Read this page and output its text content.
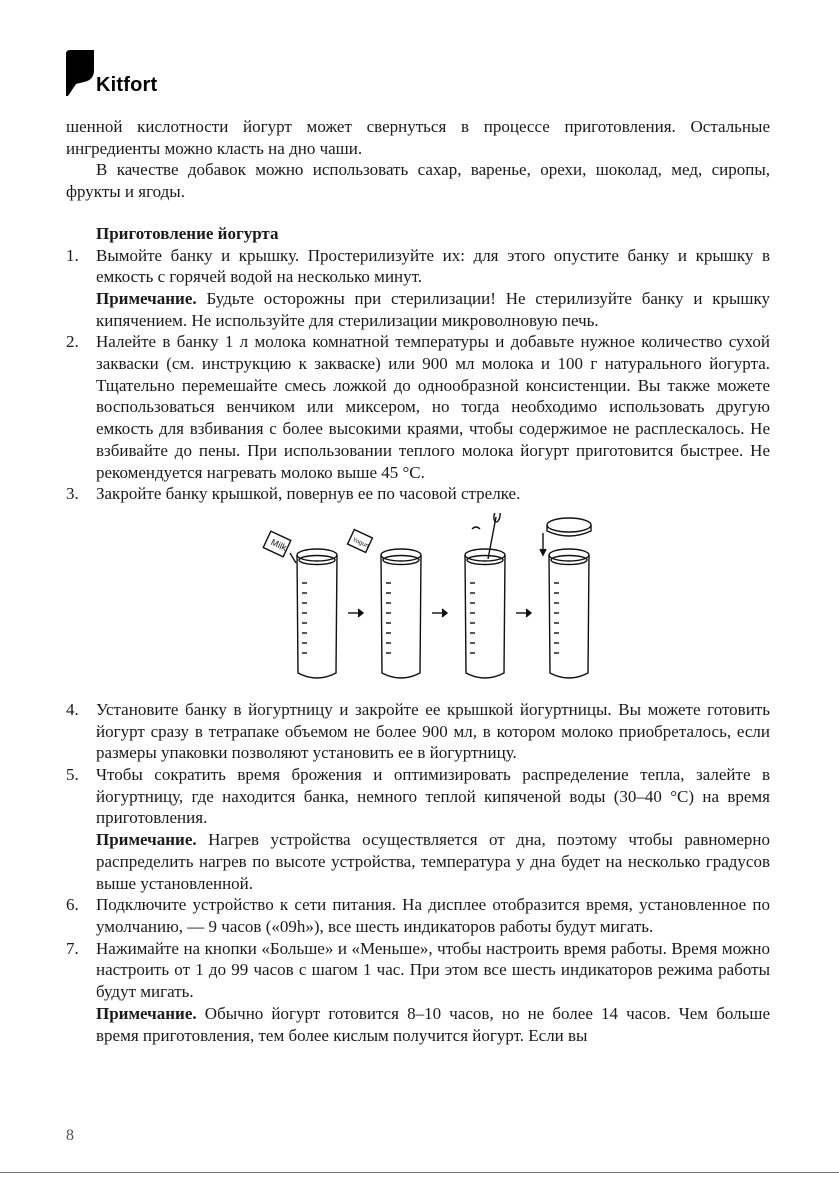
Kitfort

шенной кислотности йогурт может свернуться в процессе приготовления. Остальные ингредиенты можно класть на дно чаши.

В качестве добавок можно использовать сахар, варенье, орехи, шоколад, мед, сиропы, фрукты и ягоды.

Приготовление йогурта

1. Вымойте банку и крышку. Простерилизуйте их: для этого опустите банку и крышку в емкость с горячей водой на несколько минут.
Примечание. Будьте осторожны при стерилизации! Не стерилизуйте банку и крышку кипячением. Не используйте для стерилизации микроволновую печь.
2. Налейте в банку 1 л молока комнатной температуры и добавьте нужное количество сухой закваски (см. инструкцию к закваске) или 900 мл молока и 100 г натурального йогурта. Тщательно перемешайте смесь ложкой до однообразной консистенции. Вы также можете воспользоваться венчиком или миксером, но тогда необходимо использовать другую емкость для взбивания с более высокими краями, чтобы содержимое не расплескалось. Не взбивайте до пены. При использовании теплого молока йогурт приготовится быстрее. Не рекомендуется нагревать молоко выше 45 °С.
3. Закройте банку крышкой, повернув ее по часовой стрелке.
Milk	Yogurt
4. Установите банку в йогуртницу и закройте ее крышкой йогуртницы. Вы можете готовить йогурт сразу в тетрапаке объемом не более 900 мл, в котором молоко приобреталось, если размеры упаковки позволяют установить ее в йогуртницу.
5. Чтобы сократить время брожения и оптимизировать распределение тепла, залейте в йогуртницу, где находится банка, немного теплой кипяченой воды (30–40 °С) на время приготовления.
Примечание. Нагрев устройства осуществляется от дна, поэтому чтобы равномерно распределить нагрев по высоте устройства, температура у дна будет на несколько градусов выше установленной.
6. Подключите устройство к сети питания. На дисплее отобразится время, установленное по умолчанию, — 9 часов («09h»), все шесть индикаторов работы будут мигать.
7. Нажимайте на кнопки «Больше» и «Меньше», чтобы настроить время работы. Время можно настроить от 1 до 99 часов с шагом 1 час. При этом все шесть индикаторов режима работы будут мигать.
Примечание. Обычно йогурт готовится 8–10 часов, но не более 14 часов. Чем больше время приготовления, тем более кислым получится йогурт. Если вы
8
